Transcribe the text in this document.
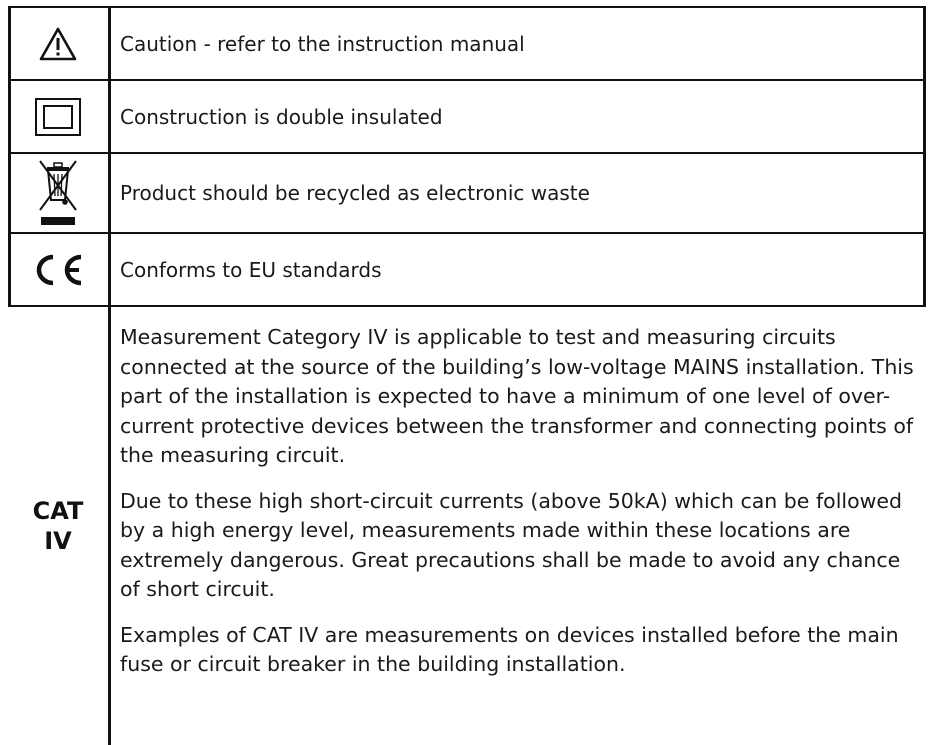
Caution - refer to the instruction manual
Construction is double insulated
Product should be recycled as electronic waste
Conforms to EU standards
CAT
IV

Measurement Category IV is applicable to test and measuring circuits connected at the source of the building’s low-voltage MAINS installation. This part of the installation is expected to have a minimum of one level of over-current protective devices between the transformer and connecting points of the measuring circuit.

Due to these high short-circuit currents (above 50kA) which can be followed by a high energy level, measurements made within these locations are extremely dangerous. Great precautions shall be made to avoid any chance of short circuit.

Examples of CAT IV are measurements on devices installed before the main fuse or circuit breaker in the building installation.
